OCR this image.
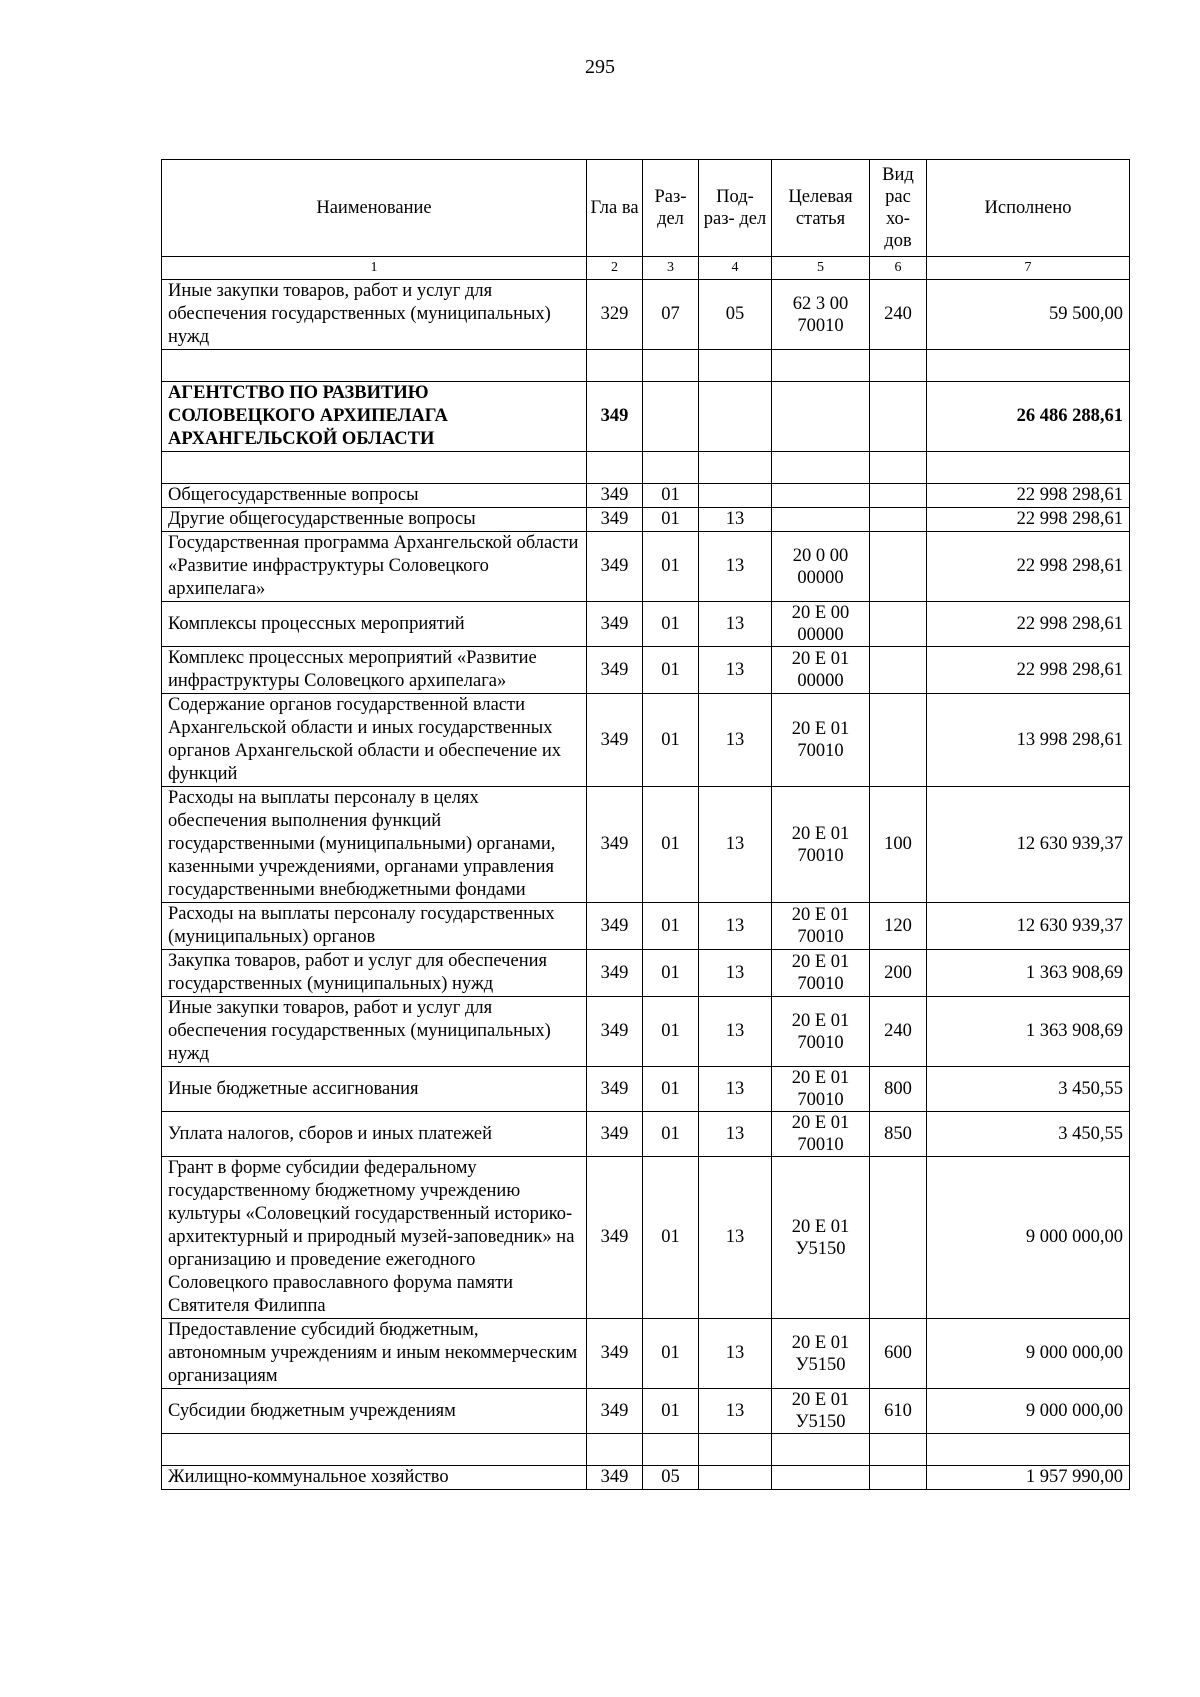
295
Наименование	Гла ва	Раз- дел	Под- раз- дел	Целевая статья	Вид рас хо- дов	Исполнено
1	2	3	4	5	6	7
Иные закупки товаров, работ и услуг для обеспечения государственных (муниципальных) нужд	329	07	05	62 3 00 70010	240	59 500,00

АГЕНТСТВО ПО РАЗВИТИЮ СОЛОВЕЦКОГО АРХИПЕЛАГА АРХАНГЕЛЬСКОЙ ОБЛАСТИ	349					26 486 288,61

Общегосударственные вопросы	349	01				22 998 298,61
Другие общегосударственные вопросы	349	01	13			22 998 298,61
Государственная программа Архангельской области «Развитие инфраструктуры Соловецкого архипелага»	349	01	13	20 0 00 00000		22 998 298,61
Комплексы процессных мероприятий	349	01	13	20 Е 00 00000		22 998 298,61
Комплекс процессных мероприятий «Развитие инфраструктуры Соловецкого архипелага»	349	01	13	20 Е 01 00000		22 998 298,61
Содержание органов государственной власти Архангельской области и иных государственных органов Архангельской области и обеспечение их функций	349	01	13	20 Е 01 70010		13 998 298,61
Расходы на выплаты персоналу в целях обеспечения выполнения функций государственными (муниципальными) органами, казенными учреждениями, органами управления государственными внебюджетными фондами	349	01	13	20 Е 01 70010	100	12 630 939,37
Расходы на выплаты персоналу государственных (муниципальных) органов	349	01	13	20 Е 01 70010	120	12 630 939,37
Закупка товаров, работ и услуг для обеспечения государственных (муниципальных) нужд	349	01	13	20 Е 01 70010	200	1 363 908,69
Иные закупки товаров, работ и услуг для обеспечения государственных (муниципальных) нужд	349	01	13	20 Е 01 70010	240	1 363 908,69
Иные бюджетные ассигнования	349	01	13	20 Е 01 70010	800	3 450,55
Уплата налогов, сборов и иных платежей	349	01	13	20 Е 01 70010	850	3 450,55
Грант в форме субсидии федеральному государственному бюджетному учреждению культуры «Соловецкий государственный историко-архитектурный и природный музей-заповедник» на организацию и проведение ежегодного Соловецкого православного форума памяти Святителя Филиппа	349	01	13	20 Е 01 У5150		9 000 000,00
Предоставление субсидий бюджетным, автономным учреждениям и иным некоммерческим организациям	349	01	13	20 Е 01 У5150	600	9 000 000,00
Субсидии бюджетным учреждениям	349	01	13	20 Е 01 У5150	610	9 000 000,00

Жилищно-коммунальное хозяйство	349	05				1 957 990,00
